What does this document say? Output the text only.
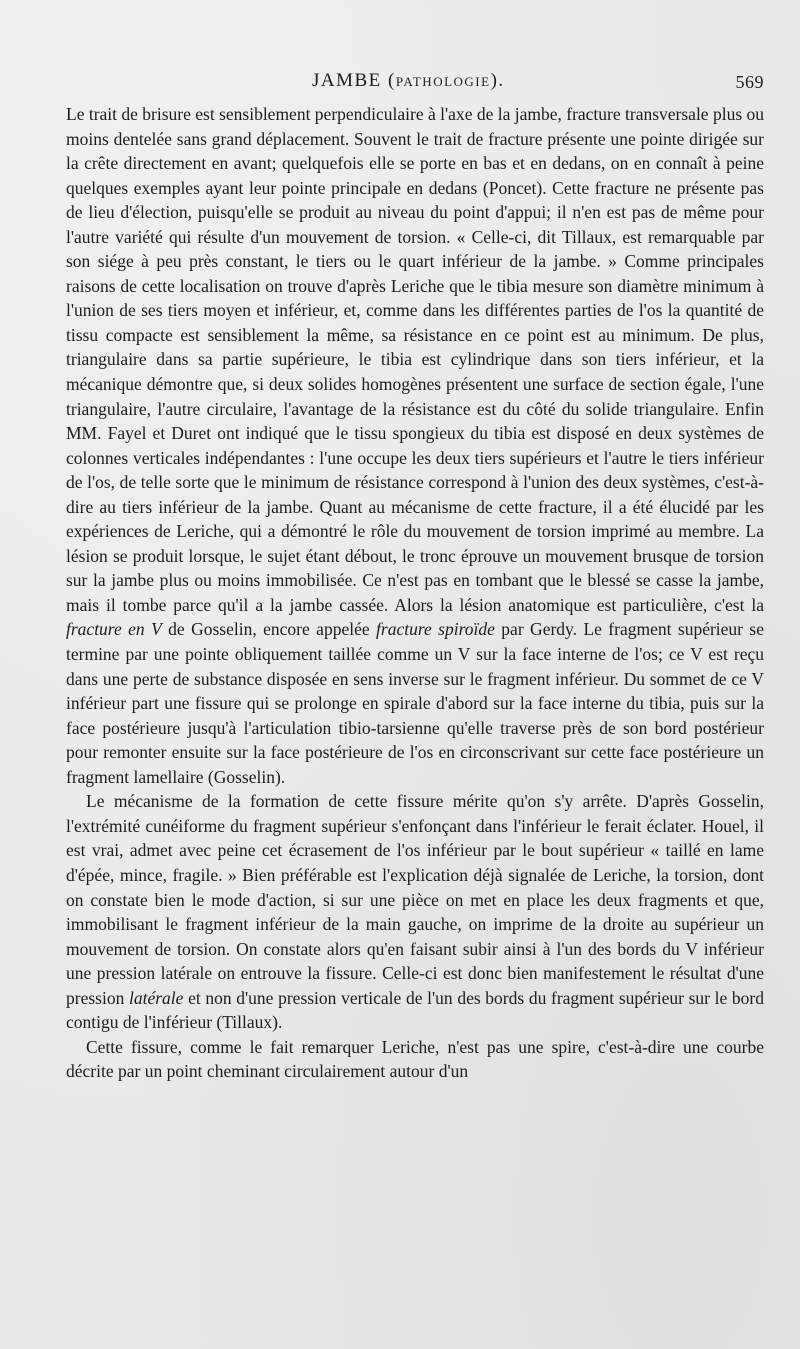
JAMBE (PATHOLOGIE).	569

Le trait de brisure est sensiblement perpendiculaire à l'axe de la jambe, fracture transversale plus ou moins dentelée sans grand déplacement. Souvent le trait de fracture présente une pointe dirigée sur la crête directement en avant; quelquefois elle se porte en bas et en dedans, on en connaît à peine quelques exemples ayant leur pointe principale en dedans (Poncet). Cette fracture ne présente pas de lieu d'élection, puisqu'elle se produit au niveau du point d'appui; il n'en est pas de même pour l'autre variété qui résulte d'un mouvement de torsion. « Celle-ci, dit Tillaux, est remarquable par son siége à peu près constant, le tiers ou le quart inférieur de la jambe. » Comme principales raisons de cette localisation on trouve d'après Leriche que le tibia mesure son diamètre minimum à l'union de ses tiers moyen et inférieur, et, comme dans les différentes parties de l'os la quantité de tissu compacte est sensiblement la même, sa résistance en ce point est au minimum. De plus, triangulaire dans sa partie supérieure, le tibia est cylindrique dans son tiers inférieur, et la mécanique démontre que, si deux solides homogènes présentent une surface de section égale, l'une triangulaire, l'autre circulaire, l'avantage de la résistance est du côté du solide triangulaire. Enfin MM. Fayel et Duret ont indiqué que le tissu spongieux du tibia est disposé en deux systèmes de colonnes verticales indépendantes : l'une occupe les deux tiers supérieurs et l'autre le tiers inférieur de l'os, de telle sorte que le minimum de résistance correspond à l'union des deux systèmes, c'est-à-dire au tiers inférieur de la jambe. Quant au mécanisme de cette fracture, il a été élucidé par les expériences de Leriche, qui a démontré le rôle du mouvement de torsion imprimé au membre. La lésion se produit lorsque, le sujet étant débout, le tronc éprouve un mouvement brusque de torsion sur la jambe plus ou moins immobilisée. Ce n'est pas en tombant que le blessé se casse la jambe, mais il tombe parce qu'il a la jambe cassée. Alors la lésion anatomique est particulière, c'est la fracture en V de Gosselin, encore appelée fracture spiroïde par Gerdy. Le fragment supérieur se termine par une pointe obliquement taillée comme un V sur la face interne de l'os; ce V est reçu dans une perte de substance disposée en sens inverse sur le fragment inférieur. Du sommet de ce V inférieur part une fissure qui se prolonge en spirale d'abord sur la face interne du tibia, puis sur la face postérieure jusqu'à l'articulation tibio-tarsienne qu'elle traverse près de son bord postérieur pour remonter ensuite sur la face postérieure de l'os en circonscrivant sur cette face postérieure un fragment lamellaire (Gosselin).

Le mécanisme de la formation de cette fissure mérite qu'on s'y arrête. D'après Gosselin, l'extrémité cunéiforme du fragment supérieur s'enfonçant dans l'inférieur le ferait éclater. Houel, il est vrai, admet avec peine cet écrasement de l'os inférieur par le bout supérieur « taillé en lame d'épée, mince, fragile. » Bien préférable est l'explication déjà signalée de Leriche, la torsion, dont on constate bien le mode d'action, si sur une pièce on met en place les deux fragments et que, immobilisant le fragment inférieur de la main gauche, on imprime de la droite au supérieur un mouvement de torsion. On constate alors qu'en faisant subir ainsi à l'un des bords du V inférieur une pression latérale on entrouve la fissure. Celle-ci est donc bien manifestement le résultat d'une pression latérale et non d'une pression verticale de l'un des bords du fragment supérieur sur le bord contigu de l'inférieur (Tillaux).

Cette fissure, comme le fait remarquer Leriche, n'est pas une spire, c'est-à-dire une courbe décrite par un point cheminant circulairement autour d'un
